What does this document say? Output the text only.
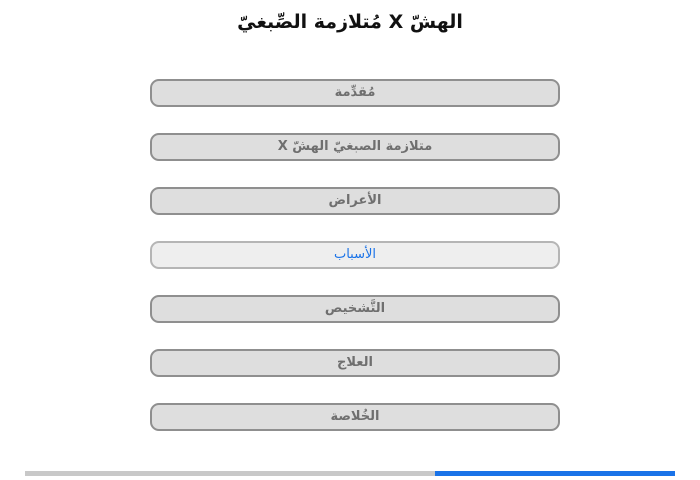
الهشّ X مُتلازمة الصِّبغيّ
مُقدِّمة
متلازمة الصبغيّ الهشّ X
الأعراض
الأسباب
التَّشخيص
العلاج
الخُلاصة
